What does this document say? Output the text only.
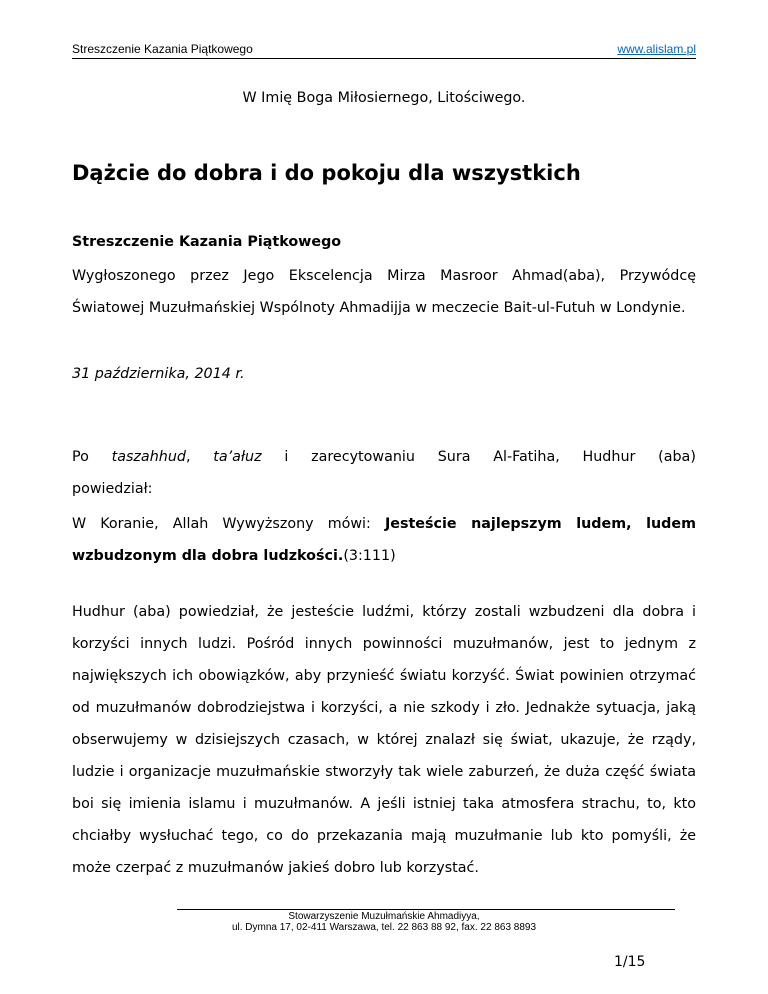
Streszczenie Kazania Piątkowego	www.alislam.pl
W Imię Boga Miłosiernego, Litościwego.
Dążcie do dobra i do pokoju dla wszystkich
Streszczenie Kazania Piątkowego
Wygłoszonego przez Jego Ekscelencja Mirza Masroor Ahmad(aba), Przywódcę Światowej Muzułmańskiej Wspólnoty Ahmadijja w meczecie Bait-ul-Futuh w Londynie.
31 października, 2014 r.
Po taszahhud, ta’ałuz i zarecytowaniu Sura Al-Fatiha, Hudhur (aba)
powiedział:
W Koranie, Allah Wywyższony mówi: Jesteście najlepszym ludem, ludem wzbudzonym dla dobra ludzkości.(3:111)
Hudhur (aba) powiedział, że jesteście ludźmi, którzy zostali wzbudzeni dla dobra i korzyści innych ludzi. Pośród innych powinności muzułmanów, jest to jednym z największych ich obowiązków, aby przynieść światu korzyść. Świat powinien otrzymać od muzułmanów dobrodziejstwa i korzyści, a nie szkody i zło. Jednakże sytuacja, jaką obserwujemy w dzisiejszych czasach, w której znalazł się świat, ukazuje, że rządy, ludzie i organizacje muzułmańskie stworzyły tak wiele zaburzeń, że duża część świata boi się imienia islamu i muzułmanów. A jeśli istniej taka atmosfera strachu, to, kto chciałby wysłuchać tego, co do przekazania mają muzułmanie lub kto pomyśli, że może czerpać z muzułmanów jakieś dobro lub korzystać.
Stowarzyszenie Muzułmańskie Ahmadiyya,
ul. Dymna 17, 02-411 Warszawa, tel. 22 863 88 92, fax. 22 863 8893
1/15
